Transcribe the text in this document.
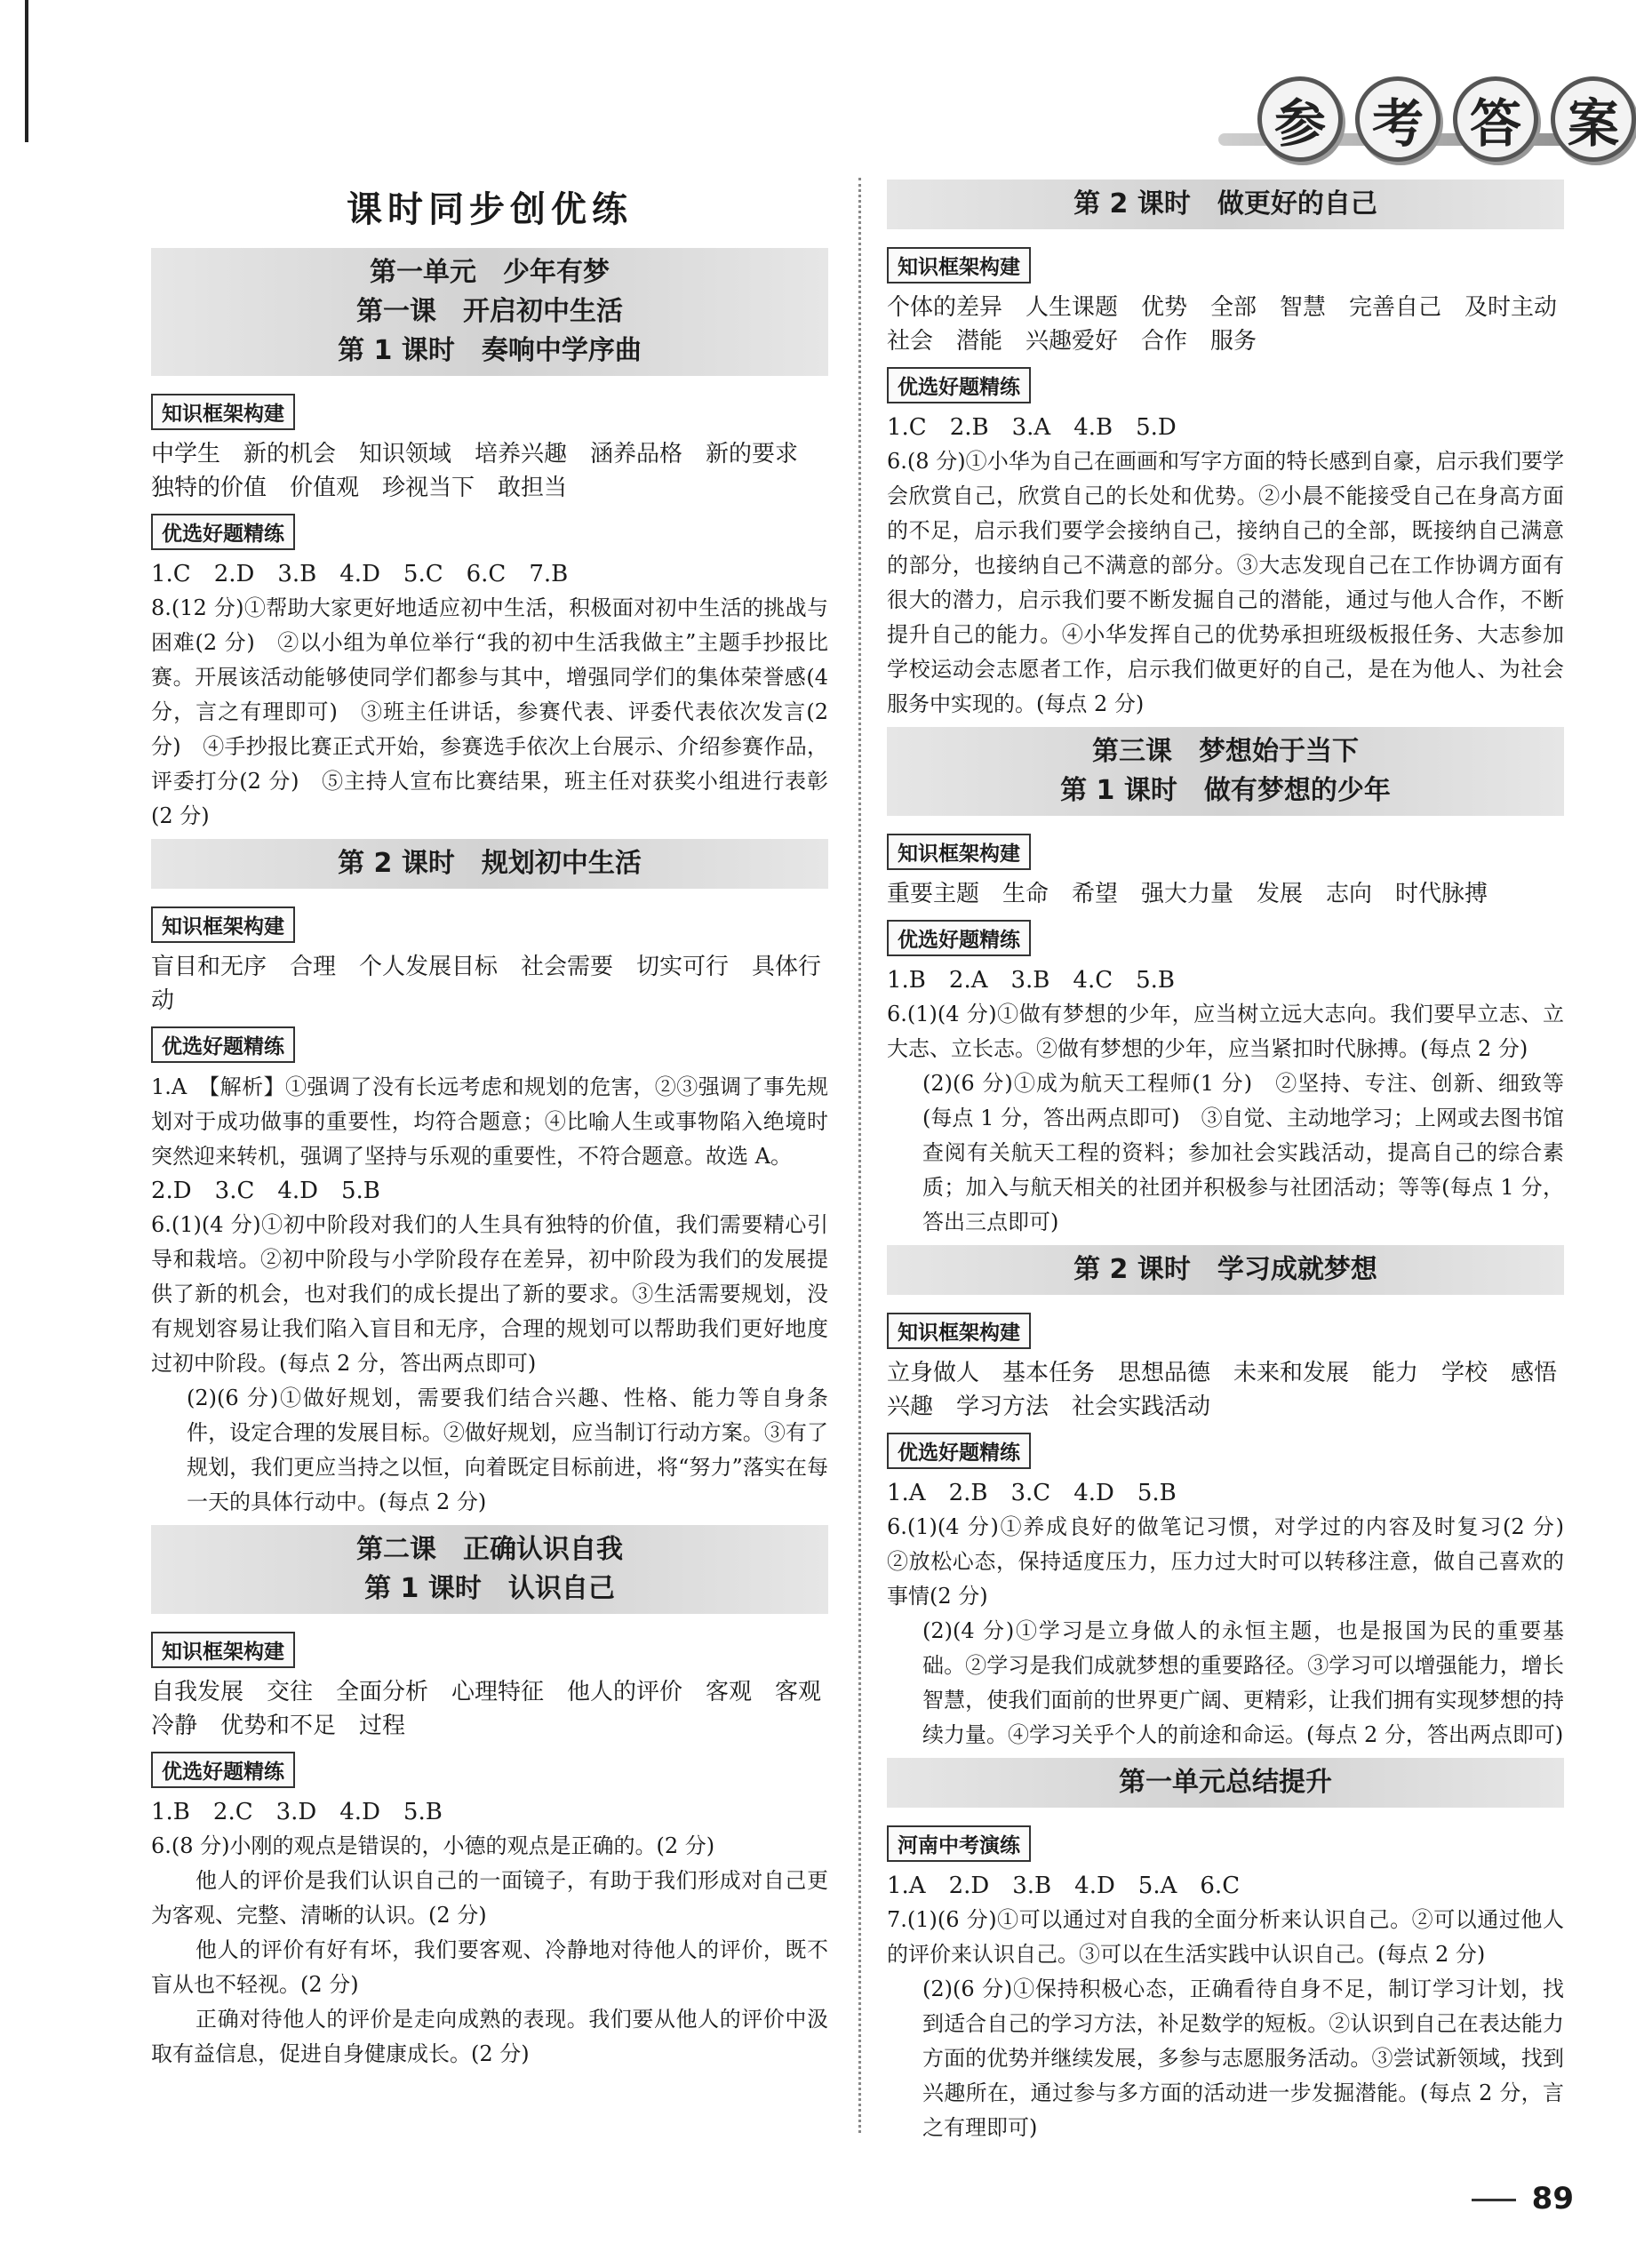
参 考 答 案
课时同步创优练
第一单元　少年有梦
第一课　开启初中生活
第 1 课时　奏响中学序曲
知识框架构建
中学生　新的机会　知识领域　培养兴趣　涵养品格　新的要求　独特的价值　价值观　珍视当下　敢担当
优选好题精练
1.C　2.D　3.B　4.D　5.C　6.C　7.B
8.(12 分)①帮助大家更好地适应初中生活，积极面对初中生活的挑战与困难(2 分)　②以小组为单位举行“我的初中生活我做主”主题手抄报比赛。开展该活动能够使同学们都参与其中，增强同学们的集体荣誉感(4 分，言之有理即可)　③班主任讲话，参赛代表、评委代表依次发言(2 分)　④手抄报比赛正式开始，参赛选手依次上台展示、介绍参赛作品，评委打分(2 分)　⑤主持人宣布比赛结果，班主任对获奖小组进行表彰(2 分)
第 2 课时　规划初中生活
知识框架构建
盲目和无序　合理　个人发展目标　社会需要　切实可行　具体行动
优选好题精练
1.A　【解析】①强调了没有长远考虑和规划的危害，②③强调了事先规划对于成功做事的重要性，均符合题意；④比喻人生或事物陷入绝境时突然迎来转机，强调了坚持与乐观的重要性，不符合题意。故选 A。
2.D　3.C　4.D　5.B
6.(1)(4 分)①初中阶段对我们的人生具有独特的价值，我们需要精心引导和栽培。②初中阶段与小学阶段存在差异，初中阶段为我们的发展提供了新的机会，也对我们的成长提出了新的要求。③生活需要规划，没有规划容易让我们陷入盲目和无序，合理的规划可以帮助我们更好地度过初中阶段。(每点 2 分，答出两点即可)
(2)(6 分)①做好规划，需要我们结合兴趣、性格、能力等自身条件，设定合理的发展目标。②做好规划，应当制订行动方案。③有了规划，我们更应当持之以恒，向着既定目标前进，将“努力”落实在每一天的具体行动中。(每点 2 分)
第二课　正确认识自我
第 1 课时　认识自己
知识框架构建
自我发展　交往　全面分析　心理特征　他人的评价　客观　客观冷静　优势和不足　过程
优选好题精练
1.B　2.C　3.D　4.D　5.B
6.(8 分)小刚的观点是错误的，小德的观点是正确的。(2 分)
他人的评价是我们认识自己的一面镜子，有助于我们形成对自己更为客观、完整、清晰的认识。(2 分)
他人的评价有好有坏，我们要客观、冷静地对待他人的评价，既不盲从也不轻视。(2 分)
正确对待他人的评价是走向成熟的表现。我们要从他人的评价中汲取有益信息，促进自身健康成长。(2 分)
第 2 课时　做更好的自己
知识框架构建
个体的差异　人生课题　优势　全部　智慧　完善自己　及时主动　社会　潜能　兴趣爱好　合作　服务
优选好题精练
1.C　2.B　3.A　4.B　5.D
6.(8 分)①小华为自己在画画和写字方面的特长感到自豪，启示我们要学会欣赏自己，欣赏自己的长处和优势。②小晨不能接受自己在身高方面的不足，启示我们要学会接纳自己，接纳自己的全部，既接纳自己满意的部分，也接纳自己不满意的部分。③大志发现自己在工作协调方面有很大的潜力，启示我们要不断发掘自己的潜能，通过与他人合作，不断提升自己的能力。④小华发挥自己的优势承担班级板报任务、大志参加学校运动会志愿者工作，启示我们做更好的自己，是在为他人、为社会服务中实现的。(每点 2 分)
第三课　梦想始于当下
第 1 课时　做有梦想的少年
知识框架构建
重要主题　生命　希望　强大力量　发展　志向　时代脉搏
优选好题精练
1.B　2.A　3.B　4.C　5.B
6.(1)(4 分)①做有梦想的少年，应当树立远大志向。我们要早立志、立大志、立长志。②做有梦想的少年，应当紧扣时代脉搏。(每点 2 分)
(2)(6 分)①成为航天工程师(1 分)　②坚持、专注、创新、细致等(每点 1 分，答出两点即可)　③自觉、主动地学习；上网或去图书馆查阅有关航天工程的资料；参加社会实践活动，提高自己的综合素质；加入与航天相关的社团并积极参与社团活动；等等(每点 1 分，答出三点即可)
第 2 课时　学习成就梦想
知识框架构建
立身做人　基本任务　思想品德　未来和发展　能力　学校　感悟　兴趣　学习方法　社会实践活动
优选好题精练
1.A　2.B　3.C　4.D　5.B
6.(1)(4 分)①养成良好的做笔记习惯，对学过的内容及时复习(2 分)　②放松心态，保持适度压力，压力过大时可以转移注意，做自己喜欢的事情(2 分)
(2)(4 分)①学习是立身做人的永恒主题，也是报国为民的重要基础。②学习是我们成就梦想的重要路径。③学习可以增强能力，增长智慧，使我们面前的世界更广阔、更精彩，让我们拥有实现梦想的持续力量。④学习关乎个人的前途和命运。(每点 2 分，答出两点即可)
第一单元总结提升
河南中考演练
1.A　2.D　3.B　4.D　5.A　6.C
7.(1)(6 分)①可以通过对自我的全面分析来认识自己。②可以通过他人的评价来认识自己。③可以在生活实践中认识自己。(每点 2 分)
(2)(6 分)①保持积极心态，正确看待自身不足，制订学习计划，找到适合自己的学习方法，补足数学的短板。②认识到自己在表达能力方面的优势并继续发展，多参与志愿服务活动。③尝试新领域，找到兴趣所在，通过参与多方面的活动进一步发掘潜能。(每点 2 分，言之有理即可)
89
